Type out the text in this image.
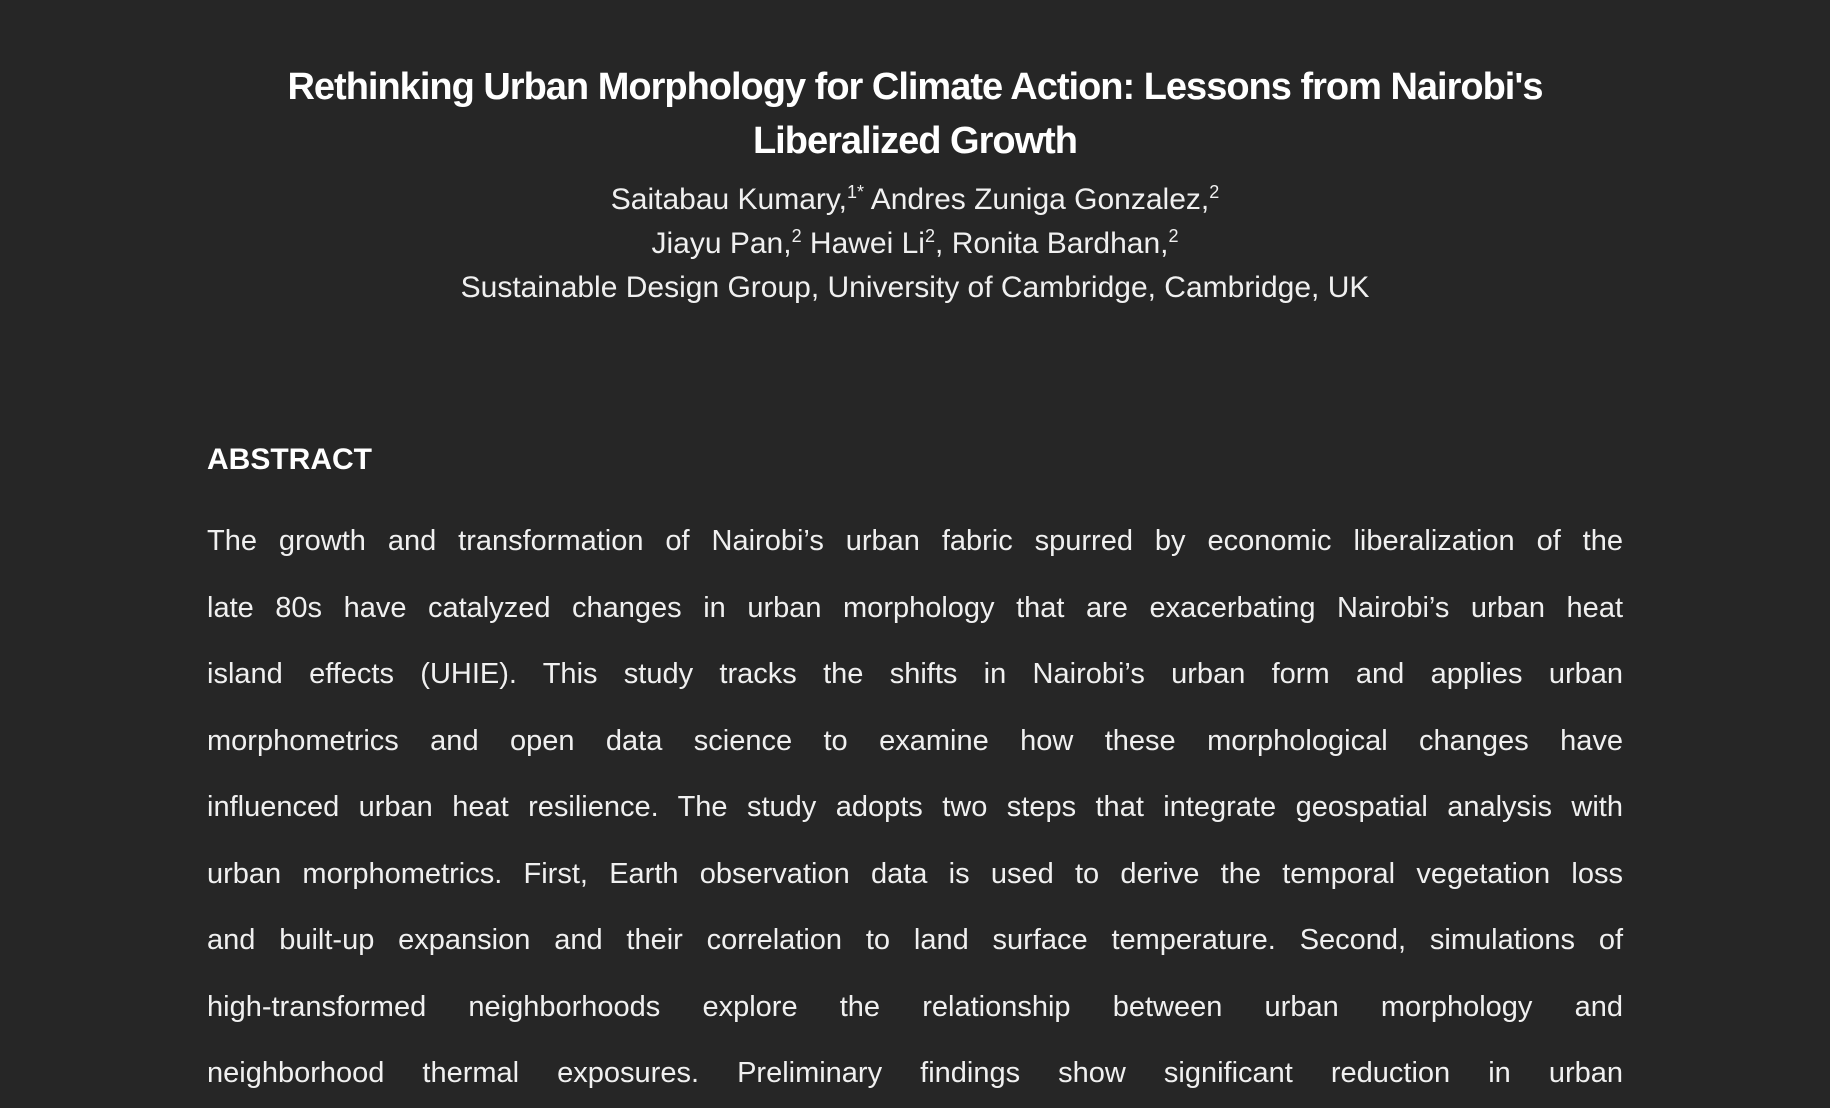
Rethinking Urban Morphology for Climate Action: Lessons from Nairobi's
Liberalized Growth
Saitabau Kumary,$^{1*}$ Andres Zuniga Gonzalez,$^2$
Jiayu Pan,$^2$ Hawei Li$^2$, Ronita Bardhan,$^2$
Sustainable Design Group, University of Cambridge, Cambridge, UK
ABSTRACT
The growth and transformation of Nairobi’s urban fabric spurred by economic liberalization of the
late 80s have catalyzed changes in urban morphology that are exacerbating Nairobi’s urban heat
island effects (UHIE). This study tracks the shifts in Nairobi’s urban form and applies urban
morphometrics and open data science to examine how these morphological changes have
influenced urban heat resilience. The study adopts two steps that integrate geospatial analysis with
urban morphometrics. First, Earth observation data is used to derive the temporal vegetation loss
and built-up expansion and their correlation to land surface temperature. Second, simulations of
high-transformed neighborhoods explore the relationship between urban morphology and
neighborhood thermal exposures. Preliminary findings show significant reduction in urban
